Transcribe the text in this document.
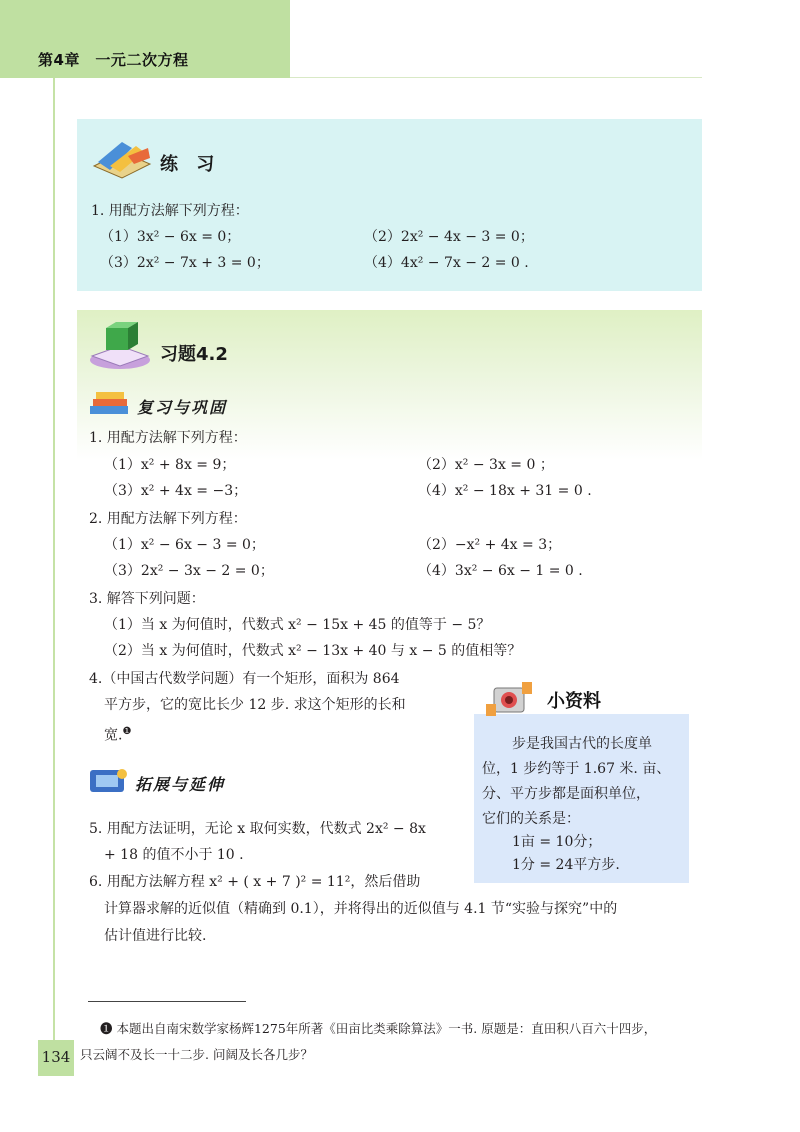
第4章　一元二次方程
练 习
1. 用配方法解下列方程：
（1）3x² − 6x = 0；	（2）2x² − 4x − 3 = 0；
（3）2x² − 7x + 3 = 0；	（4）4x² − 7x − 2 = 0 .
习题4.2
复习与巩固
1. 用配方法解下列方程：
（1）x² + 8x = 9；	（2）x² − 3x = 0 ；
（3）x² + 4x = −3；	（4）x² − 18x + 31 = 0 .
2. 用配方法解下列方程：
（1）x² − 6x − 3 = 0；	（2）−x² + 4x = 3；
（3）2x² − 3x − 2 = 0；	（4）3x² − 6x − 1 = 0 .
3. 解答下列问题：
（1）当 x 为何值时，代数式 x² − 15x + 45 的值等于 − 5？
（2）当 x 为何值时，代数式 x² − 13x + 40 与 x − 5 的值相等？
4.（中国古代数学问题）有一个矩形，面积为 864
平方步，它的宽比长少 12 步. 求这个矩形的长和
宽.$^❶$
拓展与延伸
5. 用配方法证明，无论 x 取何实数，代数式 2x² − 8x
+ 18 的值不小于 10 .
6. 用配方法解方程 x² + ( x + 7 )² = 11²，然后借助
计算器求解的近似值（精确到 0.1），并将得出的近似值与 4.1 节“实验与探究”中的
估计值进行比较.
小资料
步是我国古代的长度单
位，1 步约等于 1.67 米. 亩、
分、平方步都是面积单位，
它们的关系是：
1亩 = 10分；
1分 = 24平方步.
❶ 本题出自南宋数学家杨辉1275年所著《田亩比类乘除算法》一书. 原题是：直田积八百六十四步，
只云阔不及长一十二步. 问阔及长各几步？
134
